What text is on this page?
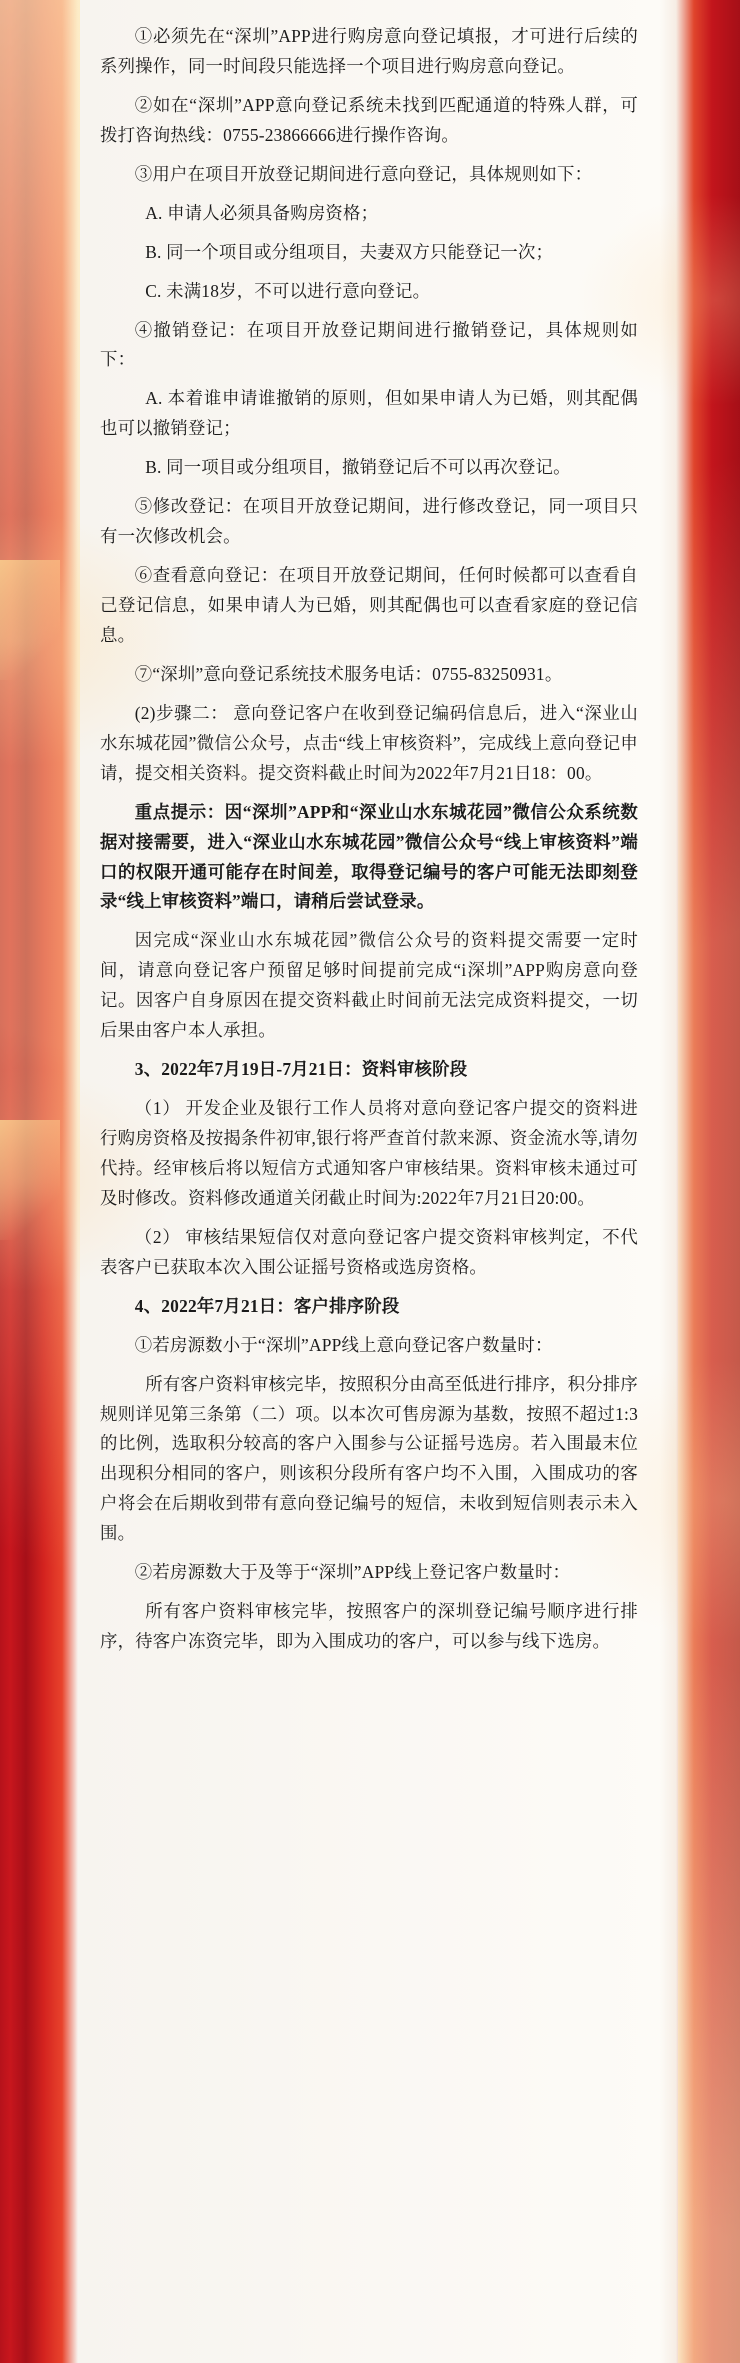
①必须先在“深圳”APP进行购房意向登记填报，才可进行后续的系列操作，同一时间段只能选择一个项目进行购房意向登记。

②如在“深圳”APP意向登记系统未找到匹配通道的特殊人群，可拨打咨询热线：0755-23866666进行操作咨询。

③用户在项目开放登记期间进行意向登记，具体规则如下：

A. 申请人必须具备购房资格；

B. 同一个项目或分组项目，夫妻双方只能登记一次；

C. 未满18岁，不可以进行意向登记。

④撤销登记：在项目开放登记期间进行撤销登记，具体规则如下：

A. 本着谁申请谁撤销的原则，但如果申请人为已婚，则其配偶也可以撤销登记；

B. 同一项目或分组项目，撤销登记后不可以再次登记。

⑤修改登记：在项目开放登记期间，进行修改登记，同一项目只有一次修改机会。

⑥查看意向登记：在项目开放登记期间，任何时候都可以查看自己登记信息，如果申请人为已婚，则其配偶也可以查看家庭的登记信息。

⑦“深圳”意向登记系统技术服务电话：0755-83250931。

(2)步骤二： 意向登记客户在收到登记编码信息后，进入“深业山水东城花园”微信公众号，点击“线上审核资料”，完成线上意向登记申请，提交相关资料。提交资料截止时间为2022年7月21日18：00。

重点提示：因“深圳”APP和“深业山水东城花园”微信公众系统数据对接需要，进入“深业山水东城花园”微信公众号“线上审核资料”端口的权限开通可能存在时间差，取得登记编号的客户可能无法即刻登录“线上审核资料”端口，请稍后尝试登录。

因完成“深业山水东城花园”微信公众号的资料提交需要一定时间，请意向登记客户预留足够时间提前完成“i深圳”APP购房意向登记。因客户自身原因在提交资料截止时间前无法完成资料提交，一切后果由客户本人承担。

3、2022年7月19日-7月21日：资料审核阶段

（1） 开发企业及银行工作人员将对意向登记客户提交的资料进行购房资格及按揭条件初审,银行将严查首付款来源、资金流水等,请勿代持。经审核后将以短信方式通知客户审核结果。资料审核未通过可及时修改。资料修改通道关闭截止时间为:2022年7月21日20:00。

（2） 审核结果短信仅对意向登记客户提交资料审核判定，不代表客户已获取本次入围公证摇号资格或选房资格。

4、2022年7月21日：客户排序阶段

①若房源数小于“深圳”APP线上意向登记客户数量时：

所有客户资料审核完毕，按照积分由高至低进行排序，积分排序规则详见第三条第（二）项。以本次可售房源为基数，按照不超过1:3的比例，选取积分较高的客户入围参与公证摇号选房。若入围最末位出现积分相同的客户，则该积分段所有客户均不入围，入围成功的客户将会在后期收到带有意向登记编号的短信，未收到短信则表示未入围。

②若房源数大于及等于“深圳”APP线上登记客户数量时：

所有客户资料审核完毕，按照客户的深圳登记编号顺序进行排序，待客户冻资完毕，即为入围成功的客户，可以参与线下选房。
